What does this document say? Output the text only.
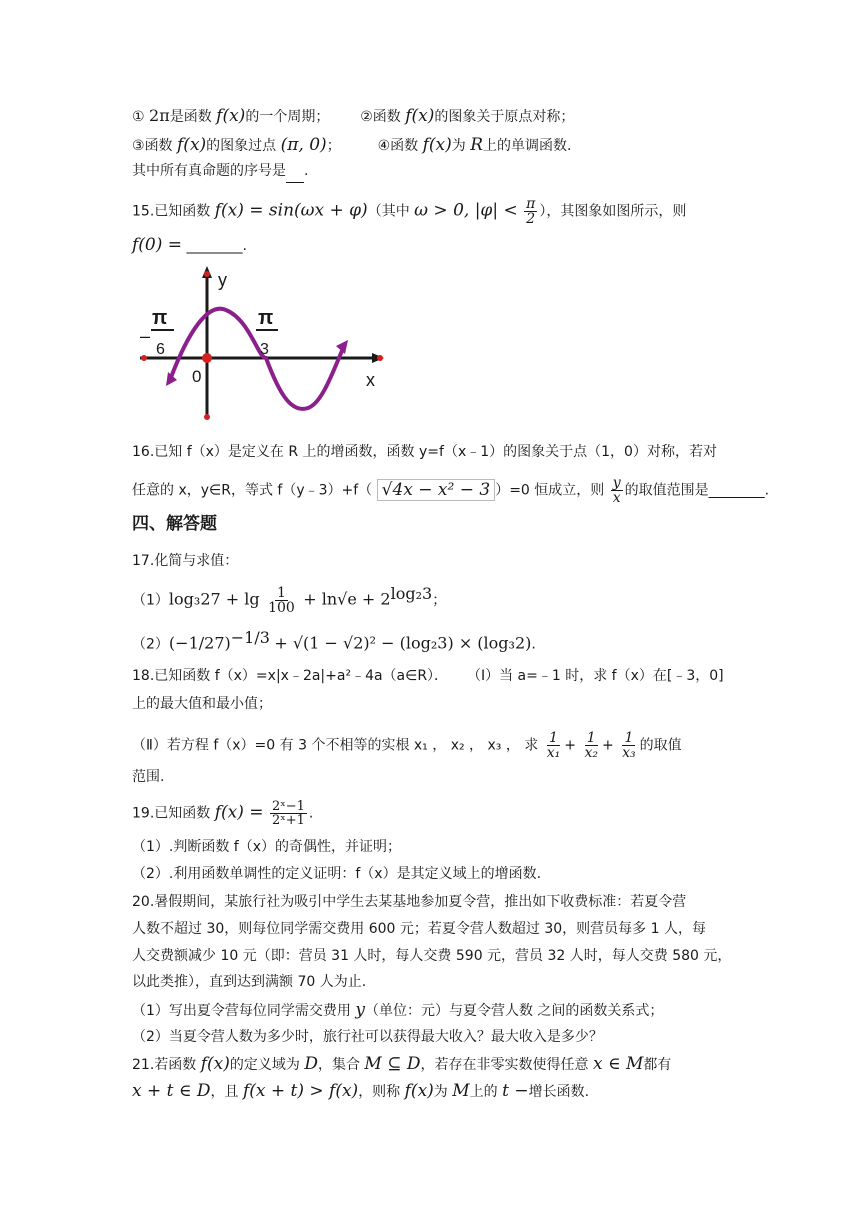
① 2π是函数 f(x)的一个周期； ②函数 f(x)的图象关于原点对称；
③函数 f(x)的图象过点 (π, 0)；	④函数 f(x)为 R上的单调函数.
其中所有真命题的序号是 .
15.已知函数 f(x) = sin(ωx + φ)（其中 ω > 0, $|\varphi| < \frac{\pi}{2}$ ），其图象如图所示，则
f(0) = ________.
16.已知 f（x）是定义在 R 上的增函数，函数 y=f（x﹣1）的图象关于点（1，0）对称，若对
任意的 x，y∈R，等式 f（y﹣3）+f（ √4x − x² − 3 ）=0 恒成立，则 $\frac{y}{x}$ 的取值范围是________.
四、解答题
17.化简与求值：
$(1)\log_327 + \lg \frac{1}{100} + \ln√e + 2^{log_23}$；
$(2)(-1/27)^{-1/3} + √(1 - √2)^2 - (\log_23) \times (\log_32)$.
18.已知函数 f（x）=x|x﹣2a|+a²﹣4a（a∈R）． （Ⅰ）当 a=﹣1 时，求 f（x）在[﹣3，0]
上的最大值和最小值；
（Ⅱ）若方程 f（x）=0 有 3 个不相等的实根 x₁ ， x₂ ， x₃ ， 求 $\frac{1}{\text{x₁}} + \frac{1}{\text{x₂}} + \frac{1}{\text{x₃}}$ 的取值
范围.
19.已知函数 $f(x) = \frac{\text{2ˣ−1}}{\text{2ˣ+1}}$ .
（1）.判断函数 f（x）的奇偶性，并证明；
（2）.利用函数单调性的定义证明：f（x）是其定义域上的增函数.
20.暑假期间，某旅行社为吸引中学生去某基地参加夏令营，推出如下收费标准：若夏令营
人数不超过 30，则每位同学需交费用 600 元；若夏令营人数超过 30，则营员每多 1 人，每
人交费额减少 10 元（即：营员 31 人时，每人交费 590 元，营员 32 人时，每人交费 580 元，
以此类推），直到达到满额 70 人为止.
（1）写出夏令营每位同学需交费用 y（单位：元）与夏令营人数 之间的函数关系式；
（2）当夏令营人数为多少时，旅行社可以获得最大收入？最大收入是多少？
21.若函数 f(x)的定义域为 D，集合 M ⊆ D，若存在非零实数使得任意 x ∈ M都有
x + t ∈ D，且 f(x + t) > f(x)，则称 f(x)为 M上的 t −增长函数.
y
x
0
–
π
6
π
3
